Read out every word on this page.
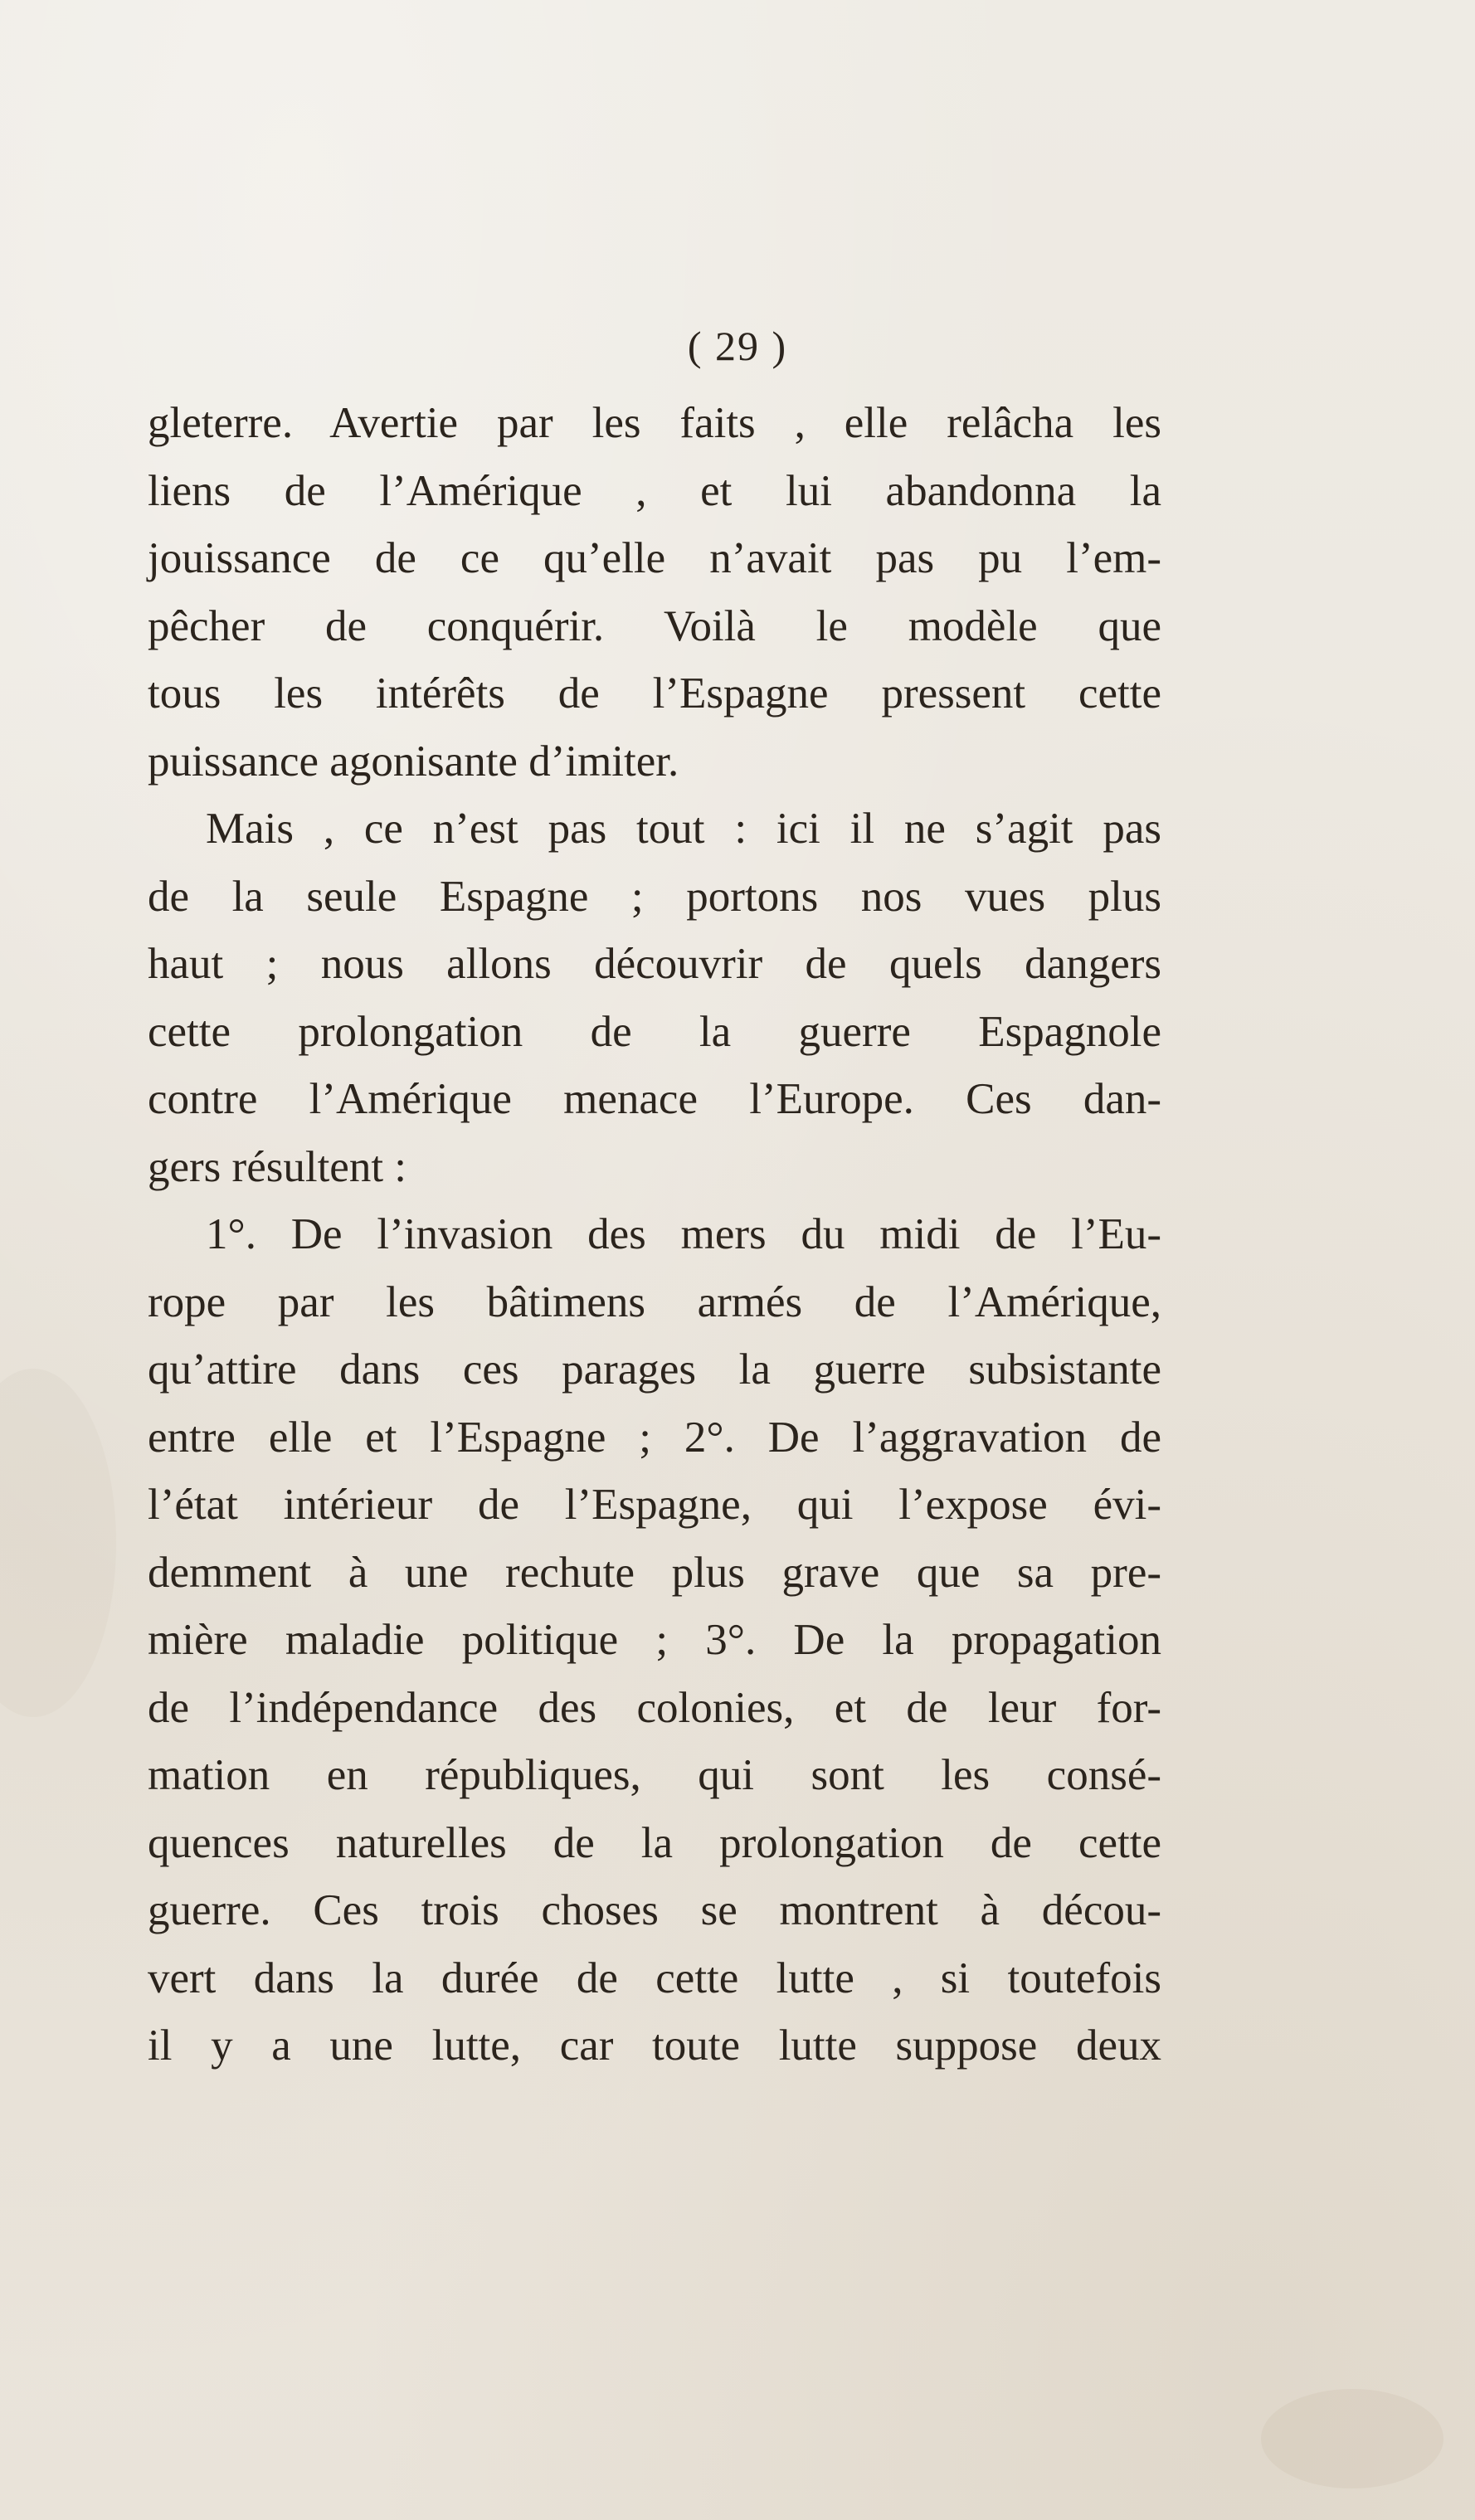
( 29 )
gleterre. Avertie par les faits , elle relâcha les
liens de l’Amérique , et lui abandonna la
jouissance de ce qu’elle n’avait pas pu l’em-
pêcher de conquérir. Voilà le modèle que
tous les intérêts de l’Espagne pressent cette
puissance agonisante d’imiter.
Mais , ce n’est pas tout : ici il ne s’agit pas
de la seule Espagne ; portons nos vues plus
haut ; nous allons découvrir de quels dangers
cette prolongation de la guerre Espagnole
contre l’Amérique menace l’Europe. Ces dan-
gers résultent :
1°. De l’invasion des mers du midi de l’Eu-
rope par les bâtimens armés de l’Amérique,
qu’attire dans ces parages la guerre subsistante
entre elle et l’Espagne ; 2°. De l’aggravation de
l’état intérieur de l’Espagne, qui l’expose évi-
demment à une rechute plus grave que sa pre-
mière maladie politique ; 3°. De la propagation
de l’indépendance des colonies, et de leur for-
mation en républiques, qui sont les consé-
quences naturelles de la prolongation de cette
guerre. Ces trois choses se montrent à décou-
vert dans la durée de cette lutte , si toutefois
il y a une lutte, car toute lutte suppose deux
